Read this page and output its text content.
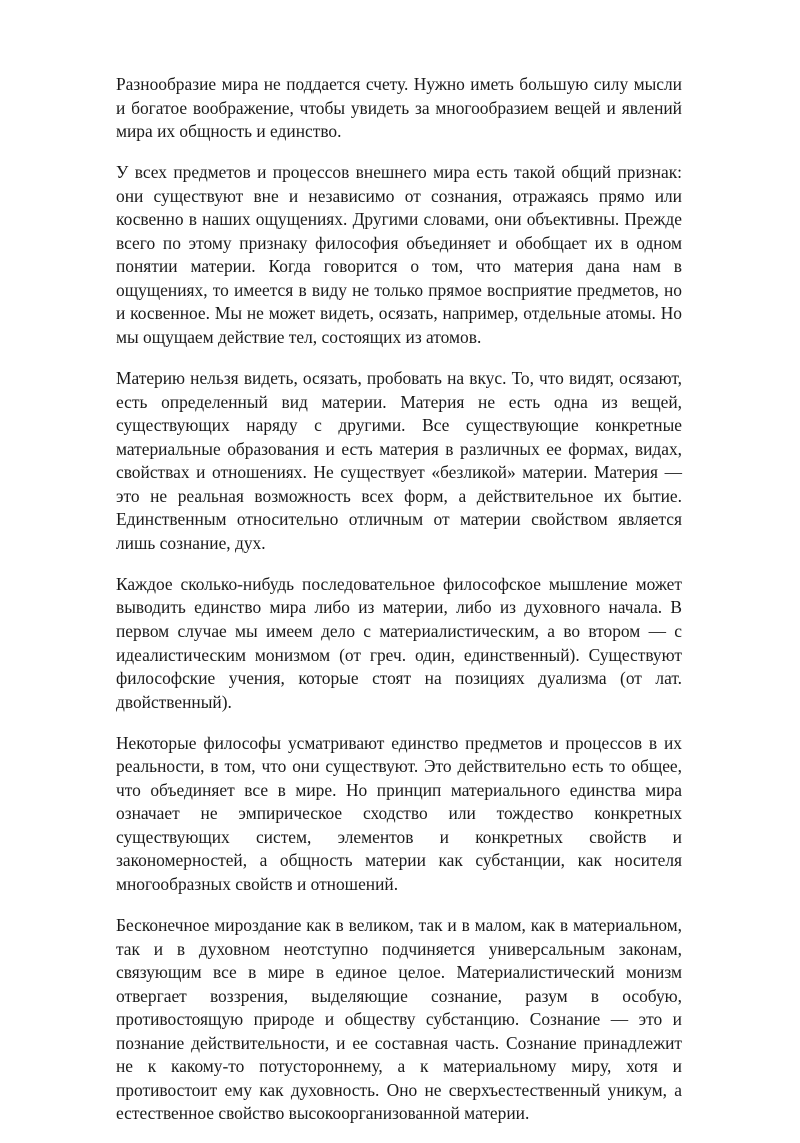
Разнообразие мира не поддается счету. Нужно иметь большую силу мысли и богатое воображение, чтобы увидеть за многообразием вещей и явлений мира их общность и единство.

У всех предметов и процессов внешнего мира есть такой общий признак: они существуют вне и независимо от сознания, отражаясь прямо или косвенно в наших ощущениях. Другими словами, они объективны. Прежде всего по этому признаку философия объединяет и обобщает их в одном понятии материи. Когда говорится о том, что материя дана нам в ощущениях, то имеется в виду не только прямое восприятие предметов, но и косвенное. Мы не может видеть, осязать, например, отдельные атомы. Но мы ощущаем действие тел, состоящих из атомов.

Материю нельзя видеть, осязать, пробовать на вкус. То, что видят, осязают, есть определенный вид материи. Материя не есть одна из вещей, существующих наряду с другими. Все существующие конкретные материальные образования и есть материя в различных ее формах, видах, свойствах и отношениях. Не существует «безликой» материи. Материя — это не реальная возможность всех форм, а действительное их бытие. Единственным относительно отличным от материи свойством является лишь сознание, дух.

Каждое сколько-нибудь последовательное философское мышление может выводить единство мира либо из материи, либо из духовного начала. В первом случае мы имеем дело с материалистическим, а во втором — с идеалистическим монизмом (от греч. один, единственный). Существуют философские учения, которые стоят на позициях дуализма (от лат. двойственный).

Некоторые философы усматривают единство предметов и процессов в их реальности, в том, что они существуют. Это действительно есть то общее, что объединяет все в мире. Но принцип материального единства мира означает не эмпирическое сходство или тождество конкретных существующих систем, элементов и конкретных свойств и закономерностей, а общность материи как субстанции, как носителя многообразных свойств и отношений.

Бесконечное мироздание как в великом, так и в малом, как в материальном, так и в духовном неотступно подчиняется универсальным законам, связующим все в мире в единое целое. Материалистический монизм отвергает воззрения, выделяющие сознание, разум в особую, противостоящую природе и обществу субстанцию. Сознание — это и познание действительности, и ее составная часть. Сознание принадлежит не к какому-то потустороннему, а к материальному миру, хотя и противостоит ему как духовность. Оно не сверхъестественный уникум, а естественное свойство высокоорганизованной материи.
